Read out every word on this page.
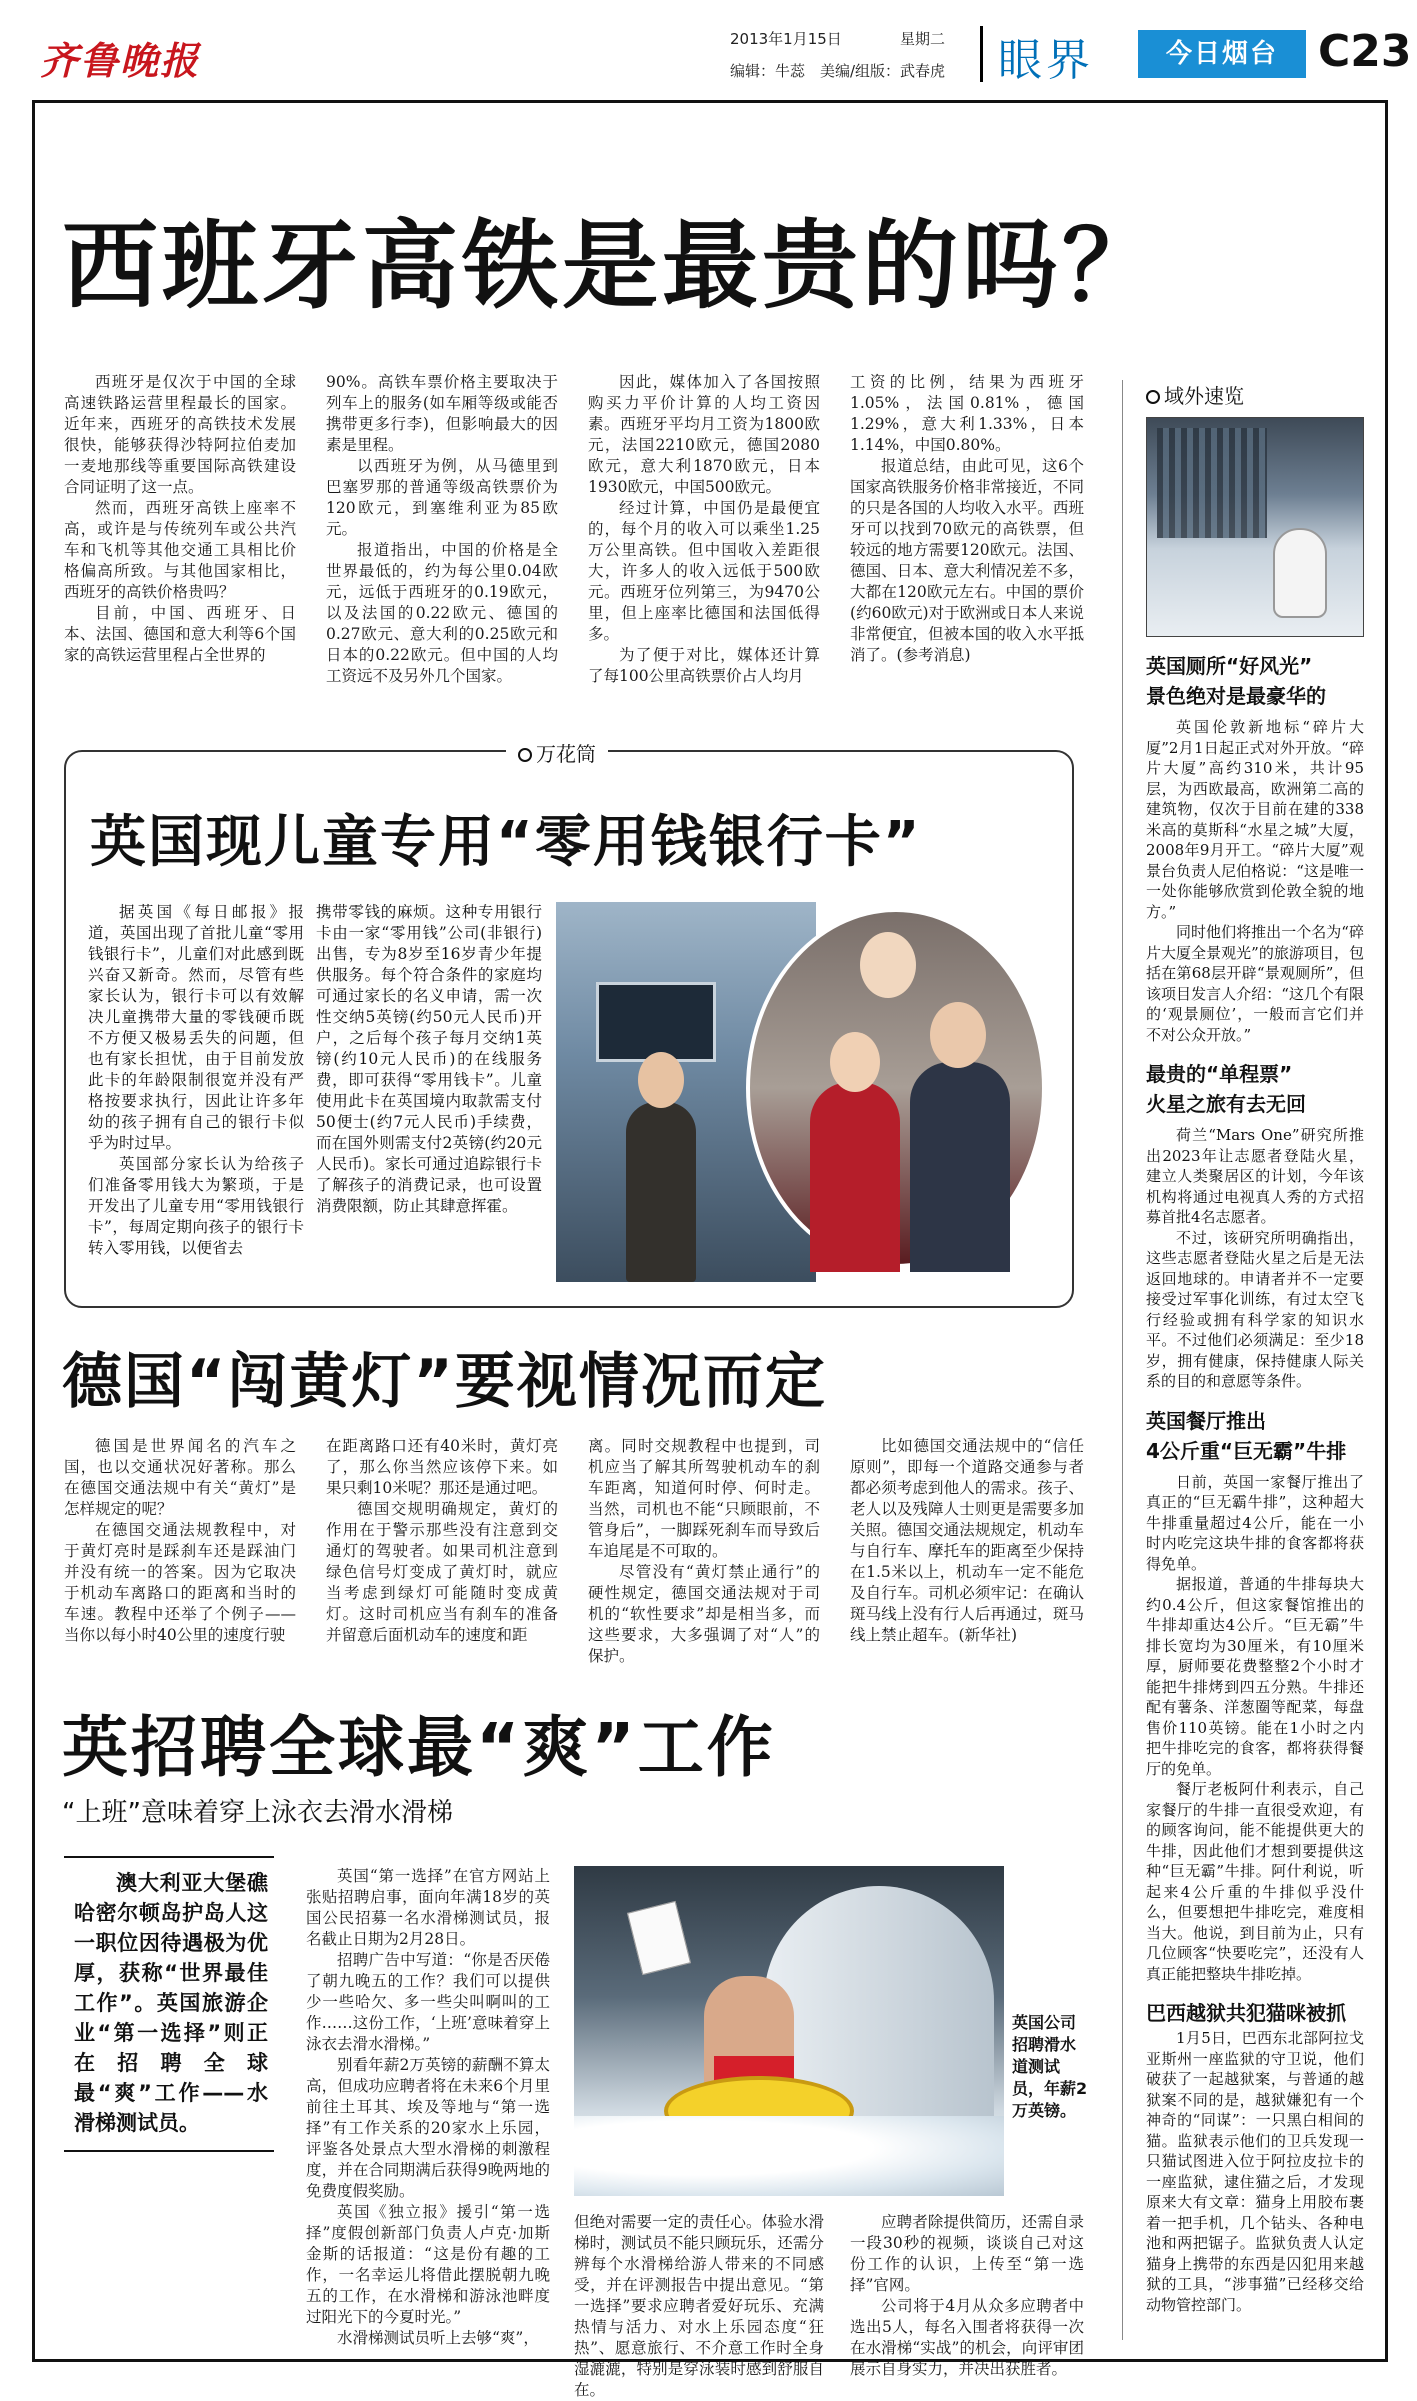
齐鲁晚报	2013年1月15日	星期二
编辑：牛蕊　美编/组版：武春虎 眼界	今日烟台 C23
西班牙高铁是最贵的吗？

西班牙是仅次于中国的全球高速铁路运营里程最长的国家。近年来，西班牙的高铁技术发展很快，能够获得沙特阿拉伯麦加一麦地那线等重要国际高铁建设合同证明了这一点。

然而，西班牙高铁上座率不高，或许是与传统列车或公共汽车和飞机等其他交通工具相比价格偏高所致。与其他国家相比，西班牙的高铁价格贵吗？

目前，中国、西班牙、日本、法国、德国和意大利等6个国家的高铁运营里程占全世界的

90%。高铁车票价格主要取决于列车上的服务(如车厢等级或能否携带更多行李)，但影响最大的因素是里程。

以西班牙为例，从马德里到巴塞罗那的普通等级高铁票价为120欧元，到塞维利亚为85欧元。

报道指出，中国的价格是全世界最低的，约为每公里0.04欧元，远低于西班牙的0.19欧元，以及法国的0.22欧元、德国的0.27欧元、意大利的0.25欧元和日本的0.22欧元。但中国的人均工资远不及另外几个国家。

因此，媒体加入了各国按照购买力平价计算的人均工资因素。西班牙平均月工资为1800欧元，法国2210欧元，德国2080欧元，意大利1870欧元，日本1930欧元，中国500欧元。

经过计算，中国仍是最便宜的，每个月的收入可以乘坐1.25万公里高铁。但中国收入差距很大，许多人的收入远低于500欧元。西班牙位列第三，为9470公里，但上座率比德国和法国低得多。

为了便于对比，媒体还计算了每100公里高铁票价占人均月

工资的比例，结果为西班牙1.05%，法国0.81%，德国1.29%，意大利1.33%，日本1.14%，中国0.80%。

报道总结，由此可见，这6个国家高铁服务价格非常接近，不同的只是各国的人均收入水平。西班牙可以找到70欧元的高铁票，但较远的地方需要120欧元。法国、德国、日本、意大利情况差不多，大都在120欧元左右。中国的票价(约60欧元)对于欧洲或日本人来说非常便宜，但被本国的收入水平抵消了。(参考消息)

域外速览
英国厕所“好风光”
景色绝对是最豪华的

英国伦敦新地标“碎片大厦”2月1日起正式对外开放。“碎片大厦”高约310米，共计95层，为西欧最高，欧洲第二高的建筑物，仅次于目前在建的338米高的莫斯科“水星之城”大厦，2008年9月开工。“碎片大厦”观景台负责人尼伯格说：“这是唯一一处你能够欣赏到伦敦全貌的地方。”

同时他们将推出一个名为“碎片大厦全景观光”的旅游项目，包括在第68层开辟“景观厕所”，但该项目发言人介绍：“这几个有限的‘观景厕位’，一般而言它们并不对公众开放。”

最贵的“单程票”
火星之旅有去无回

荷兰“Mars One”研究所推出2023年让志愿者登陆火星，建立人类聚居区的计划，今年该机构将通过电视真人秀的方式招募首批4名志愿者。

不过，该研究所明确指出，这些志愿者登陆火星之后是无法返回地球的。申请者并不一定要接受过军事化训练，有过太空飞行经验或拥有科学家的知识水平。不过他们必须满足：至少18岁，拥有健康，保持健康人际关系的目的和意愿等条件。

英国餐厅推出
4公斤重“巨无霸”牛排

日前，英国一家餐厅推出了真正的“巨无霸牛排”，这种超大牛排重量超过4公斤，能在一小时内吃完这块牛排的食客都将获得免单。

据报道，普通的牛排每块大约0.4公斤，但这家餐馆推出的牛排却重达4公斤。“巨无霸”牛排长宽均为30厘米，有10厘米厚，厨师要花费整整2个小时才能把牛排烤到四五分熟。牛排还配有薯条、洋葱圈等配菜，每盘售价110英镑。能在1小时之内把牛排吃完的食客，都将获得餐厅的免单。

餐厅老板阿什利表示，自己家餐厅的牛排一直很受欢迎，有的顾客询问，能不能提供更大的牛排，因此他们才想到要提供这种“巨无霸”牛排。阿什利说，听起来4公斤重的牛排似乎没什么，但要想把牛排吃完，难度相当大。他说，到目前为止，只有几位顾客“快要吃完”，还没有人真正能把整块牛排吃掉。

巴西越狱共犯猫咪被抓

1月5日，巴西东北部阿拉戈亚斯州一座监狱的守卫说，他们破获了一起越狱案，与普通的越狱案不同的是，越狱嫌犯有一个神奇的“同谋”：一只黑白相间的猫。监狱表示他们的卫兵发现一只猫试图进入位于阿拉皮拉卡的一座监狱，逮住猫之后，才发现原来大有文章：猫身上用胶布裹着一把手机，几个钻头、各种电池和两把锯子。监狱负责人认定猫身上携带的东西是囚犯用来越狱的工具，“涉事猫”已经移交给动物管控部门。

万花筒
英国现儿童专用“零用钱银行卡”

据英国《每日邮报》报道，英国出现了首批儿童“零用钱银行卡”，儿童们对此感到既兴奋又新奇。然而，尽管有些家长认为，银行卡可以有效解决儿童携带大量的零钱硬币既不方便又极易丢失的问题，但也有家长担忧，由于目前发放此卡的年龄限制很宽并没有严格按要求执行，因此让许多年幼的孩子拥有自己的银行卡似乎为时过早。

英国部分家长认为给孩子们准备零用钱大为繁琐，于是开发出了儿童专用“零用钱银行卡”，每周定期向孩子的银行卡转入零用钱，以便省去

携带零钱的麻烦。这种专用银行卡由一家“零用钱”公司(非银行)出售，专为8岁至16岁青少年提供服务。每个符合条件的家庭均可通过家长的名义申请，需一次性交纳5英镑(约50元人民币)开户，之后每个孩子每月交纳1英镑(约10元人民币)的在线服务费，即可获得“零用钱卡”。儿童使用此卡在英国境内取款需支付50便士(约7元人民币)手续费，而在国外则需支付2英镑(约20元人民币)。家长可通过追踪银行卡了解孩子的消费记录，也可设置消费限额，防止其肆意挥霍。

德国“闯黄灯”要视情况而定

德国是世界闻名的汽车之国，也以交通状况好著称。那么在德国交通法规中有关“黄灯”是怎样规定的呢？

在德国交通法规教程中，对于黄灯亮时是踩刹车还是踩油门并没有统一的答案。因为它取决于机动车离路口的距离和当时的车速。教程中还举了个例子——当你以每小时40公里的速度行驶

在距离路口还有40米时，黄灯亮了，那么你当然应该停下来。如果只剩10米呢？那还是通过吧。

德国交规明确规定，黄灯的作用在于警示那些没有注意到交通灯的驾驶者。如果司机注意到绿色信号灯变成了黄灯时，就应当考虑到绿灯可能随时变成黄灯。这时司机应当有刹车的准备并留意后面机动车的速度和距

离。同时交规教程中也提到，司机应当了解其所驾驶机动车的刹车距离，知道何时停、何时走。当然，司机也不能“只顾眼前，不管身后”，一脚踩死刹车而导致后车追尾是不可取的。

尽管没有“黄灯禁止通行”的硬性规定，德国交通法规对于司机的“软性要求”却是相当多，而这些要求，大多强调了对“人”的保护。

比如德国交通法规中的“信任原则”，即每一个道路交通参与者都必须考虑到他人的需求。孩子、老人以及残障人士则更是需要多加关照。德国交通法规规定，机动车与自行车、摩托车的距离至少保持在1.5米以上，机动车一定不能危及自行车。司机必须牢记：在确认斑马线上没有行人后再通过，斑马线上禁止超车。(新华社)

英招聘全球最“爽”工作
“上班”意味着穿上泳衣去滑水滑梯

澳大利亚大堡礁哈密尔顿岛护岛人这一职位因待遇极为优厚，获称“世界最佳工作”。英国旅游企业“第一选择”则正在招聘全球最“爽”工作——水滑梯测试员。

英国“第一选择”在官方网站上张贴招聘启事，面向年满18岁的英国公民招募一名水滑梯测试员，报名截止日期为2月28日。

招聘广告中写道：“你是否厌倦了朝九晚五的工作？我们可以提供少一些哈欠、多一些尖叫啊叫的工作……这份工作，‘上班’意味着穿上泳衣去滑水滑梯。”

别看年薪2万英镑的薪酬不算太高，但成功应聘者将在未来6个月里前往土耳其、埃及等地与“第一选择”有工作关系的20家水上乐园，评鉴各处景点大型水滑梯的刺激程度，并在合同期满后获得9晚两地的免费度假奖励。

英国《独立报》援引“第一选择”度假创新部门负责人卢克·加斯金斯的话报道：“这是份有趣的工作，一名幸运儿将借此摆脱朝九晚五的工作，在水滑梯和游泳池畔度过阳光下的今夏时光。”

水滑梯测试员听上去够“爽”，

英国公司招聘滑水道测试员，年薪2万英镑。

但绝对需要一定的责任心。体验水滑梯时，测试员不能只顾玩乐，还需分辨每个水滑梯给游人带来的不同感受，并在评测报告中提出意见。“第一选择”要求应聘者爱好玩乐、充满热情与活力、对水上乐园态度“狂热”、愿意旅行、不介意工作时全身湿漉漉，特别是穿泳装时感到舒服自在。

应聘者除提供简历，还需自录一段30秒的视频，谈谈自己对这份工作的认识，上传至“第一选择”官网。

公司将于4月从众多应聘者中选出5人，每名入围者将获得一次在水滑梯“实战”的机会，向评审团展示自身实力，并决出获胜者。
